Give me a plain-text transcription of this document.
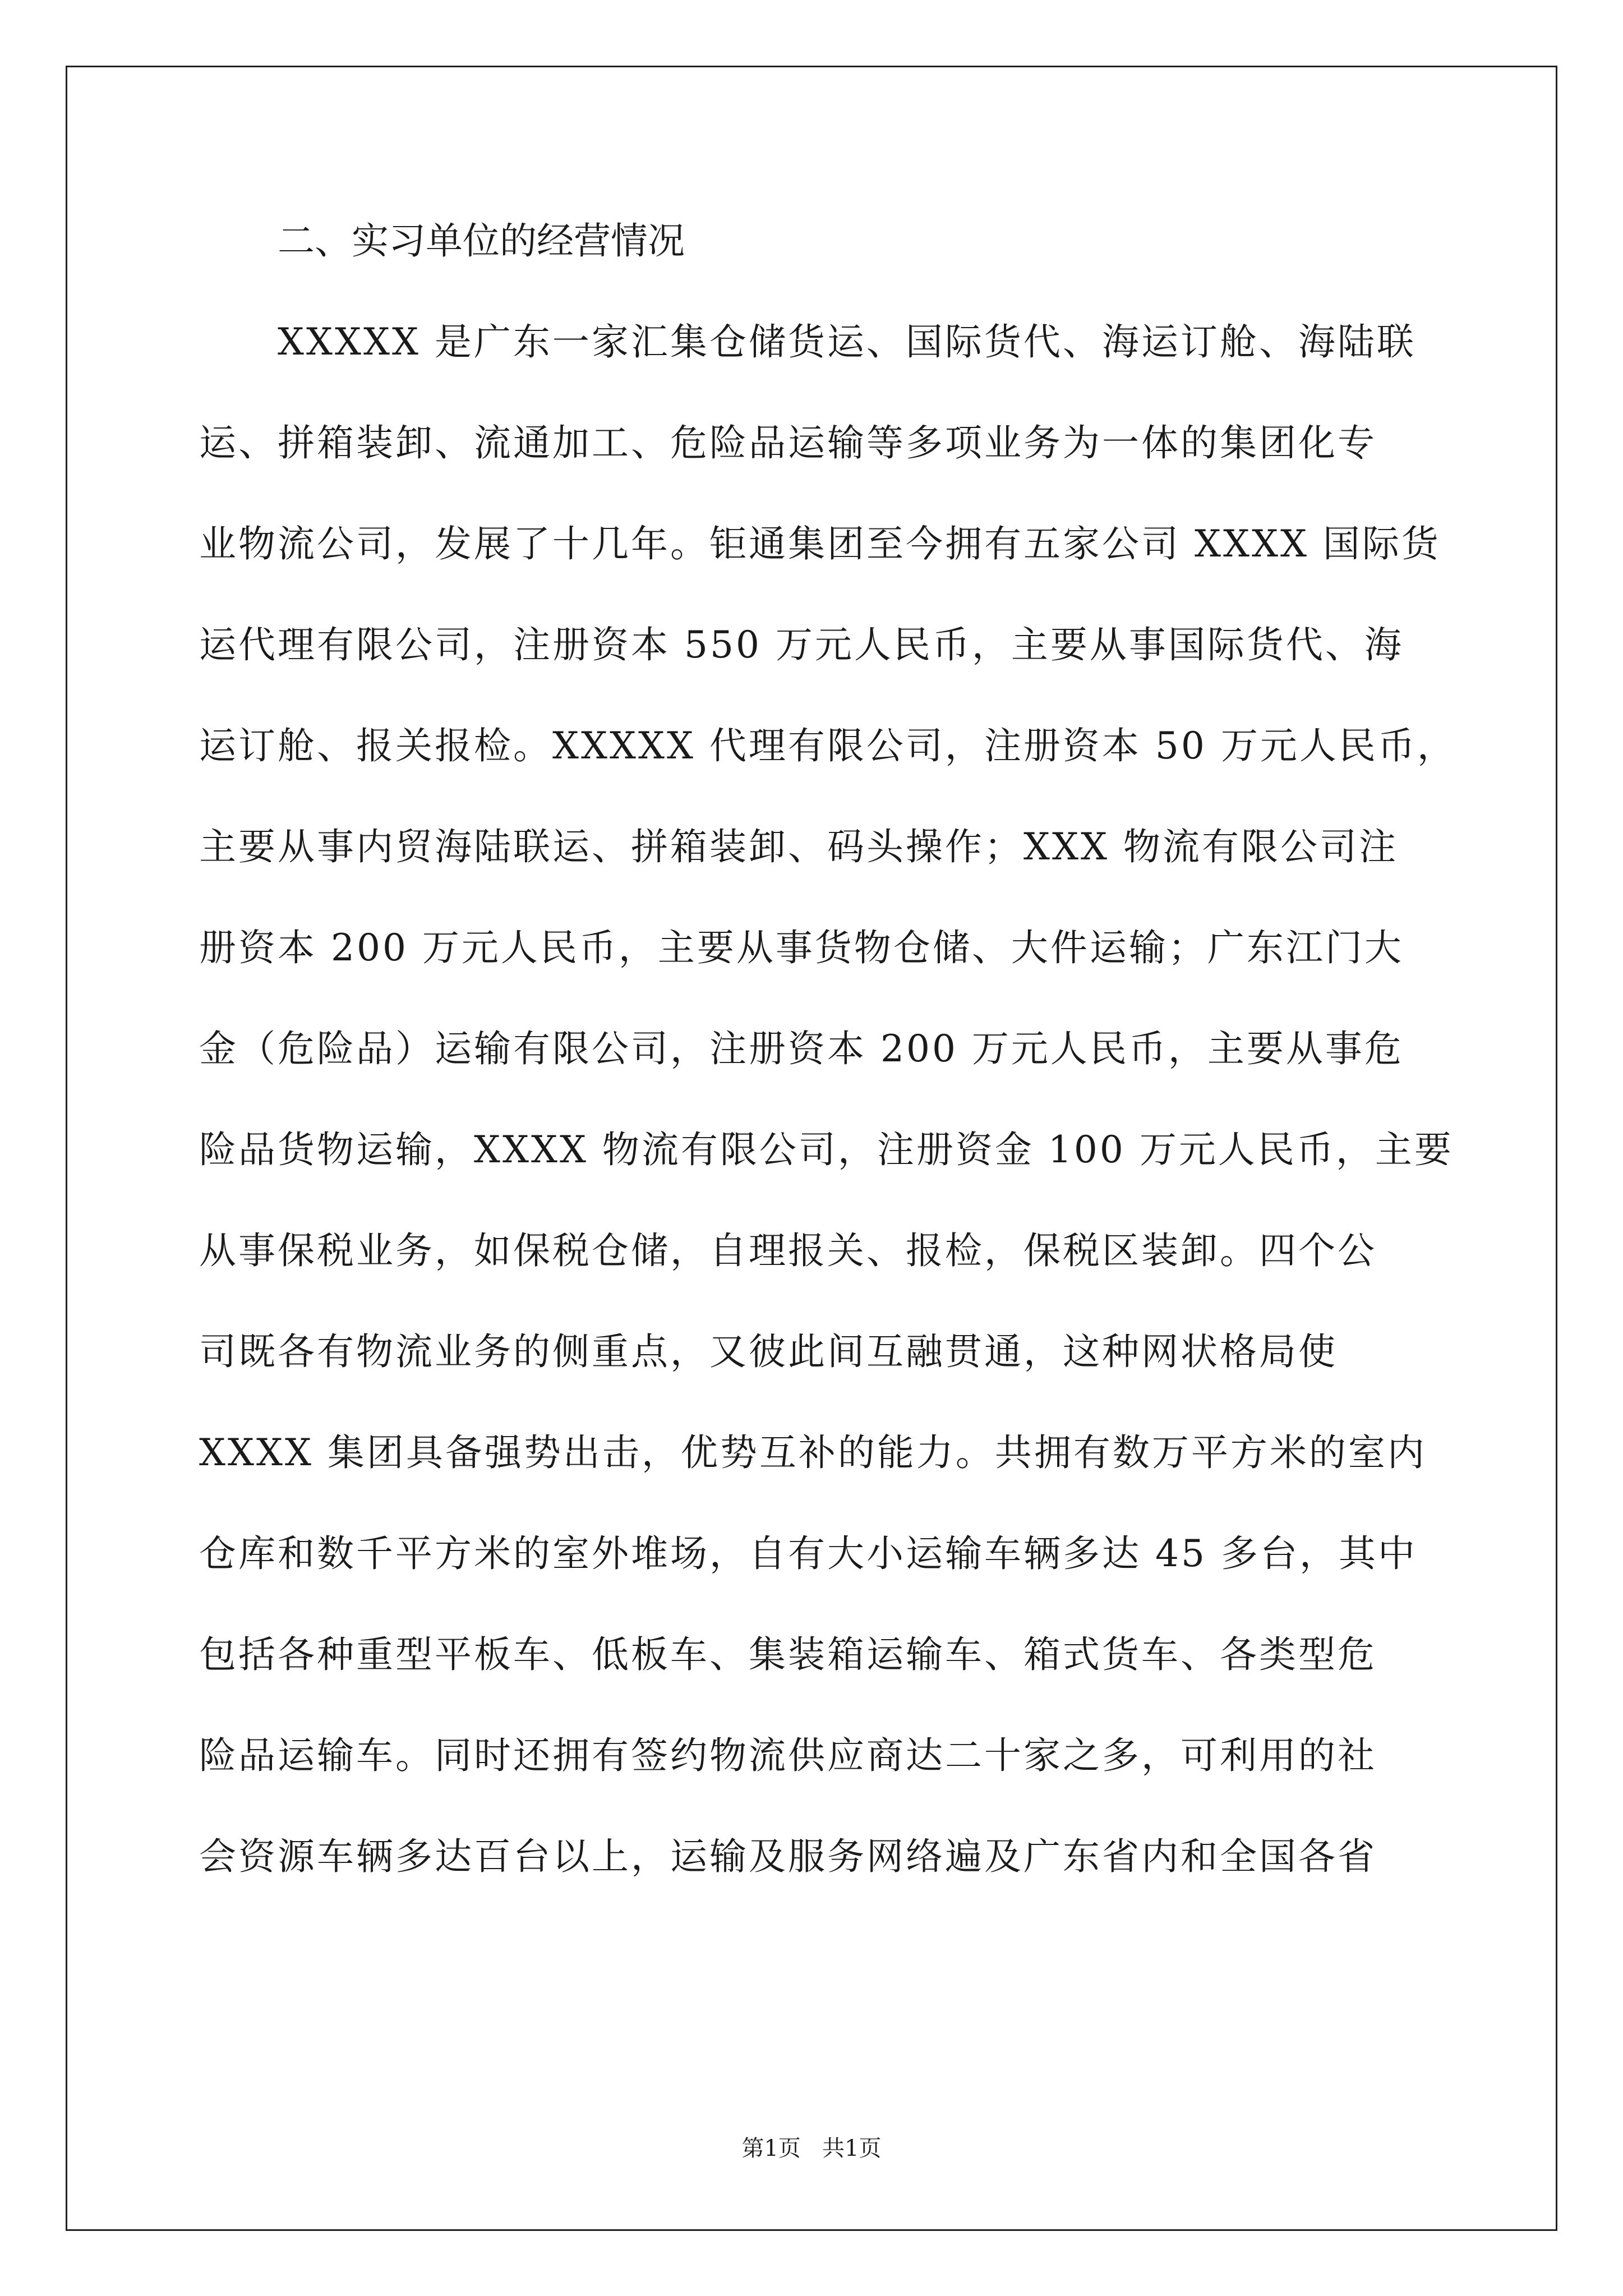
二、实习单位的经营情况
XXXXX 是广东一家汇集仓储货运、国际货代、海运订舱、海陆联
运、拼箱装卸、流通加工、危险品运输等多项业务为一体的集团化专
业物流公司，发展了十几年。钜通集团至今拥有五家公司 XXXX 国际货
运代理有限公司，注册资本 550 万元人民币，主要从事国际货代、海
运订舱、报关报检。XXXXX 代理有限公司，注册资本 50 万元人民币，
主要从事内贸海陆联运、拼箱装卸、码头操作；XXX 物流有限公司注
册资本 200 万元人民币，主要从事货物仓储、大件运输；广东江门大
金（危险品）运输有限公司，注册资本 200 万元人民币，主要从事危
险品货物运输，XXXX 物流有限公司，注册资金 100 万元人民币，主要
从事保税业务，如保税仓储，自理报关、报检，保税区装卸。四个公
司既各有物流业务的侧重点，又彼此间互融贯通，这种网状格局使
XXXX 集团具备强势出击，优势互补的能力。共拥有数万平方米的室内
仓库和数千平方米的室外堆场，自有大小运输车辆多达 45 多台，其中
包括各种重型平板车、低板车、集装箱运输车、箱式货车、各类型危
险品运输车。同时还拥有签约物流供应商达二十家之多，可利用的社
会资源车辆多达百台以上，运输及服务网络遍及广东省内和全国各省
第1页   共1页
